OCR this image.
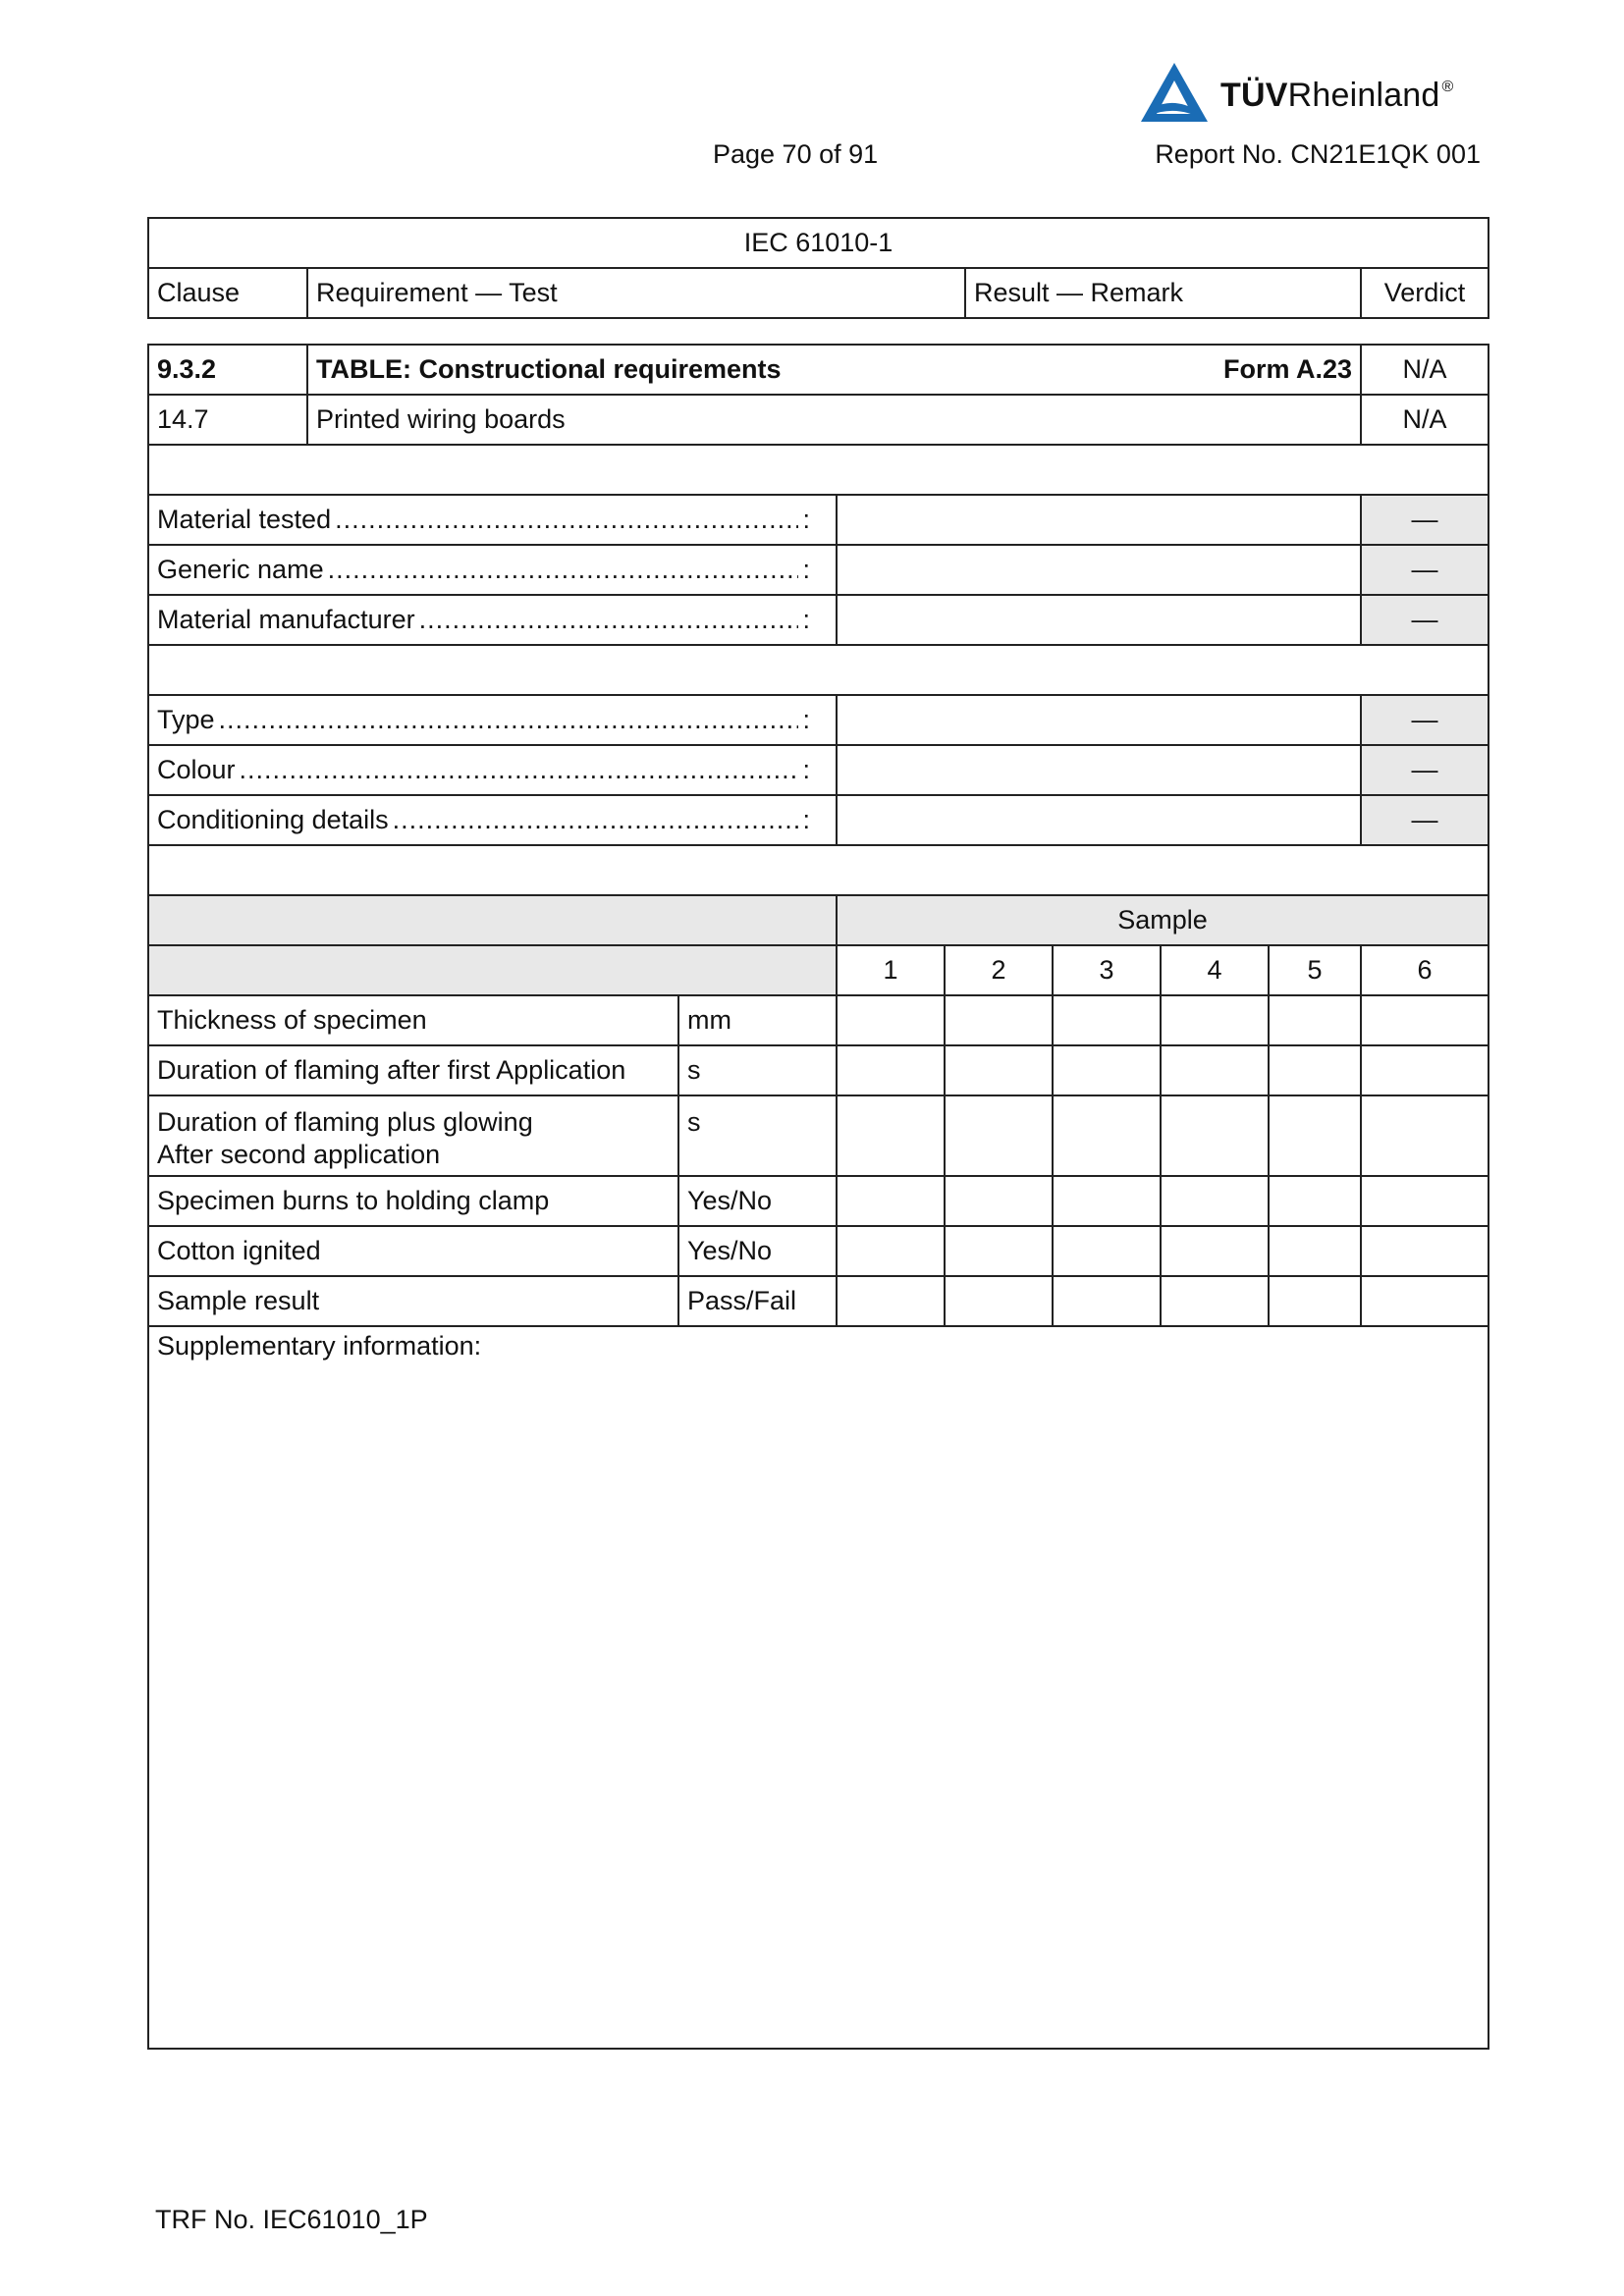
TÜVRheinland ®
Page 70 of 91	Report No. CN21E1QK 001
IEC 61010-1
Clause	Requirement — Test	Result — Remark	Verdict
9.3.2	TABLE: Constructional requirements Form A.23							N/A
14.7	Printed wiring boards							N/A

Material tested ..... :								—

Generic name ..... :								—

Material manufacturer ..... :								—

Type ..... :								—

Colour ..... :								—

Conditioning details ..... :								—

			Sample					
			1	2	3	4	5	6
Thickness of specimen		mm						
Duration of flaming after first Application		s						

Duration of flaming plus glowing
After second application		s						
Specimen burns to holding clamp		Yes/No						
Cotton ignited		Yes/No						
Sample result		Pass/Fail						

Supplementary information:								
TRF No. IEC61010_1P
